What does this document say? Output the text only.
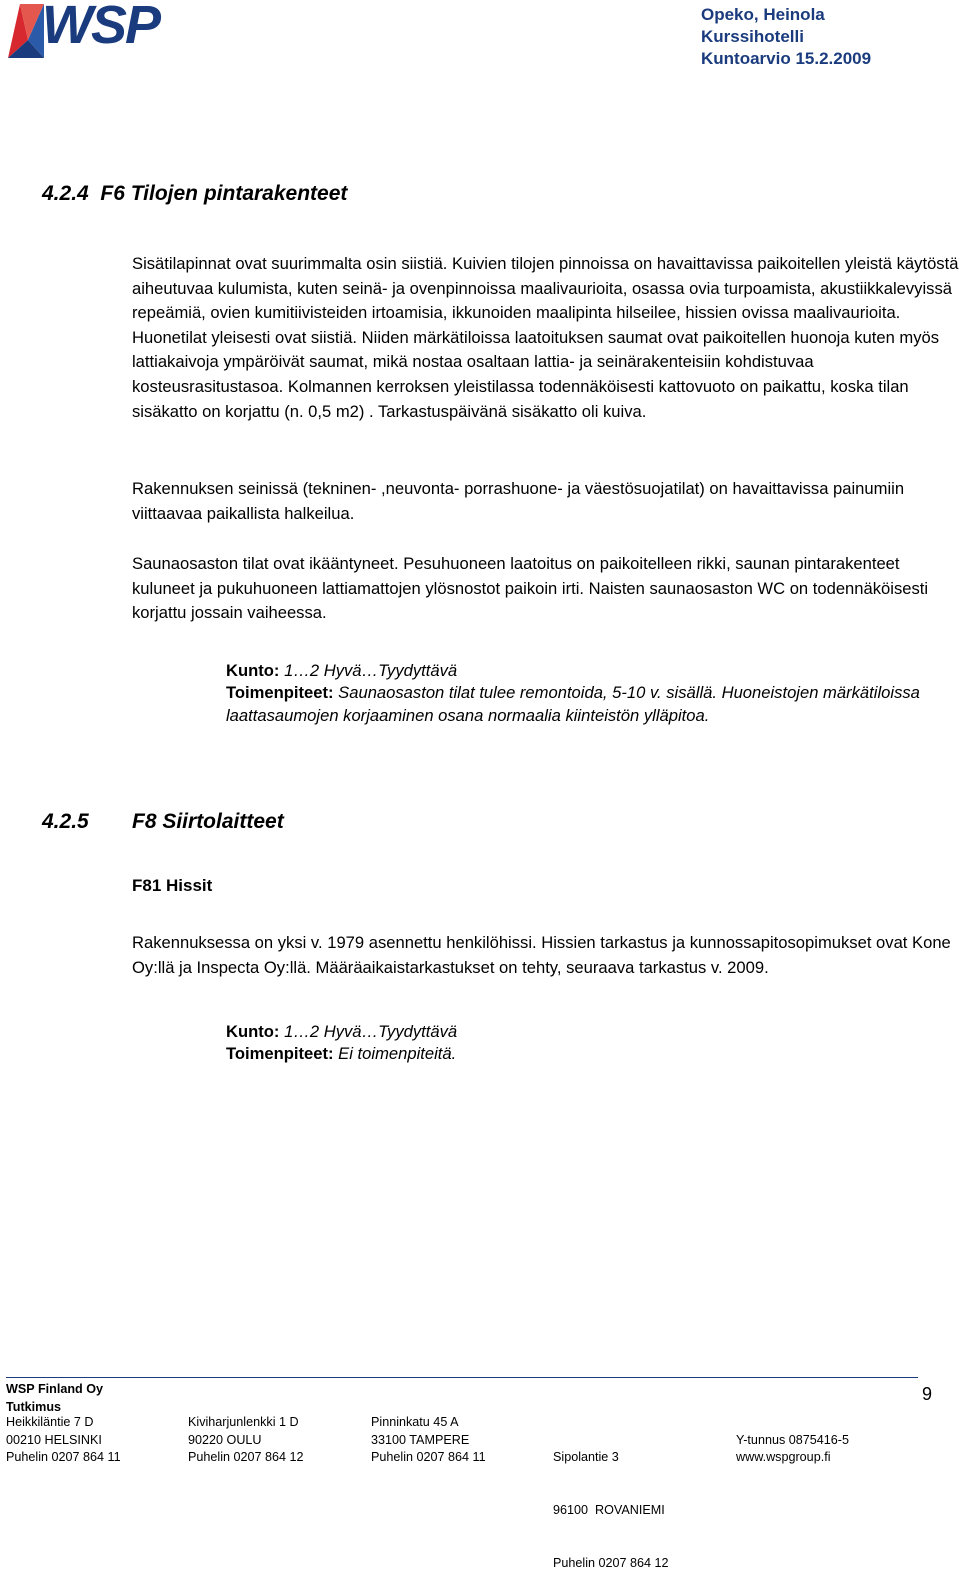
WSP	Opeko, Heinola
Kurssihotelli
Kuntoarvio 15.2.2009
4.2.4  F6 Tilojen pintarakenteet
Sisätilapinnat ovat suurimmalta osin siistiä. Kuivien tilojen pinnoissa on havaittavissa paikoitellen yleistä käytöstä aiheutuvaa kulumista, kuten seinä- ja ovenpinnoissa maalivaurioita, osassa ovia turpoamista, akustiikkalevyissä repeämiä, ovien kumitiivisteiden irtoamisia, ikkunoiden maalipinta hilseilee, hissien ovissa maalivaurioita. Huonetilat yleisesti ovat siistiä. Niiden märkätiloissa laatoituksen saumat ovat paikoitellen huonoja kuten myös lattiakaivoja ympäröivät saumat, mikä nostaa osaltaan lattia- ja seinärakenteisiin kohdistuvaa kosteusrasitustasoa. Kolmannen kerroksen yleistilassa todennäköisesti kattovuoto on paikattu, koska tilan sisäkatto on korjattu (n. 0,5 m2) . Tarkastuspäivänä sisäkatto oli kuiva.
Rakennuksen seinissä (tekninen- ,neuvonta- porrashuone- ja väestösuojatilat) on havaittavissa painumiin viittaavaa paikallista halkeilua.
Saunaosaston tilat ovat ikääntyneet. Pesuhuoneen laatoitus on paikoitelleen rikki, saunan pintarakenteet kuluneet ja pukuhuoneen lattiamattojen ylösnostot paikoin irti. Naisten saunaosaston WC on todennäköisesti korjattu jossain vaiheessa.
Kunto: 1…2 Hyvä…Tyydyttävä
Toimenpiteet: Saunaosaston tilat tulee remontoida, 5-10 v. sisällä. Huoneistojen märkätiloissa laattasaumojen korjaaminen osana normaalia kiinteistön ylläpitoa.
4.2.5 F8 Siirtolaitteet
F81 Hissit
Rakennuksessa on yksi v. 1979 asennettu henkilöhissi. Hissien tarkastus ja kunnossapitosopimukset ovat Kone Oy:llä ja Inspecta Oy:llä. Määräaikaistarkastukset on tehty, seuraava tarkastus v. 2009.
Kunto: 1…2 Hyvä…Tyydyttävä
Toimenpiteet: Ei toimenpiteitä.
9
WSP Finland Oy
Tutkimus
Heikkiläntie 7 D
00210 HELSINKI
Puhelin 0207 864 11
Kiviharjunlenkki 1 D
90220 OULU
Puhelin 0207 864 12
Pinninkatu 45 A
33100 TAMPERE
Puhelin 0207 864 11

	Sipolantie 3

96100  ROVANIEMI

Puhelin 0207 864 12

Y-tunnus 0875416-5
www.wspgroup.fi
